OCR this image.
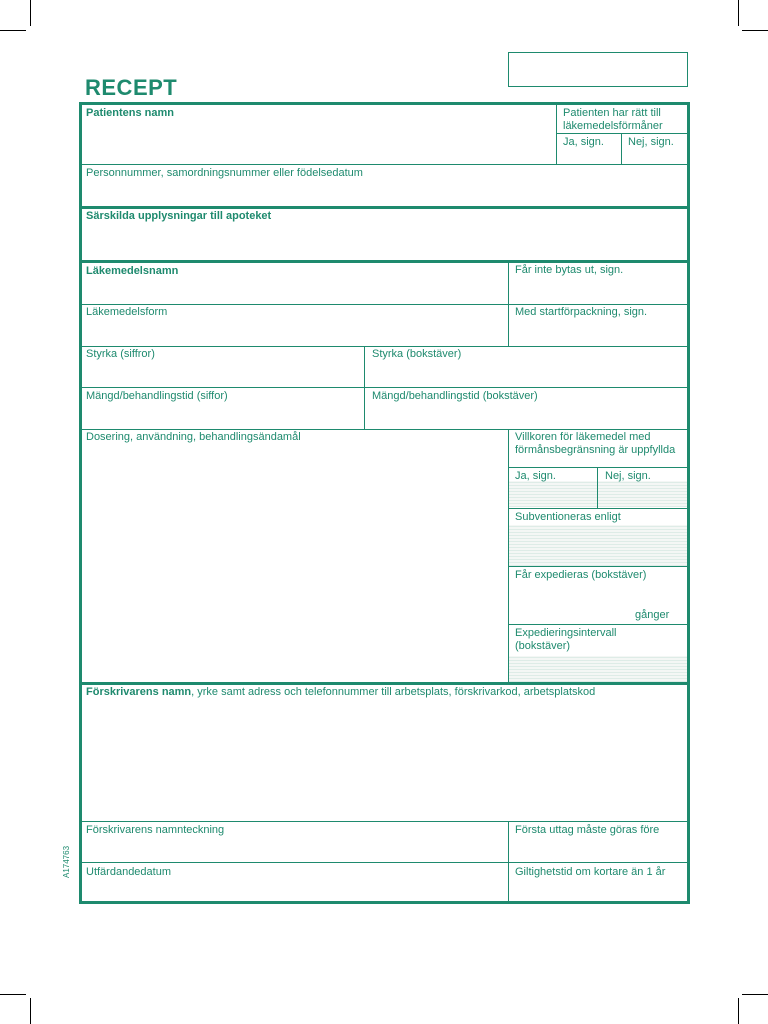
RECEPT
A174763
Patientens namn	Patienten har rätt till läkemedelsförmåner
Ja, sign. Nej, sign.
Personnummer, samordningsnummer eller födelsedatum
Särskilda upplysningar till apoteket
Läkemedelsnamn	Får inte bytas ut, sign.
Läkemedelsform	Med startförpackning, sign.
Styrka (siffror)	Styrka (bokstäver)
Mängd/behandlingstid (siffor)	Mängd/behandlingstid (bokstäver)
Dosering, användning, behandlingsändamål	Villkoren för läkemedel med förmånsbegränsning är uppfyllda
Ja, sign.	Nej, sign.
Subventioneras enligt
Får expedieras (bokstäver)
gånger
Expedieringsintervall (bokstäver)
Förskrivarens namn, yrke samt adress och telefonnummer till arbetsplats, förskrivarkod, arbetsplatskod
Förskrivarens namnteckning	Första uttag måste göras före
Utfärdandedatum	Giltighetstid om kortare än 1 år
